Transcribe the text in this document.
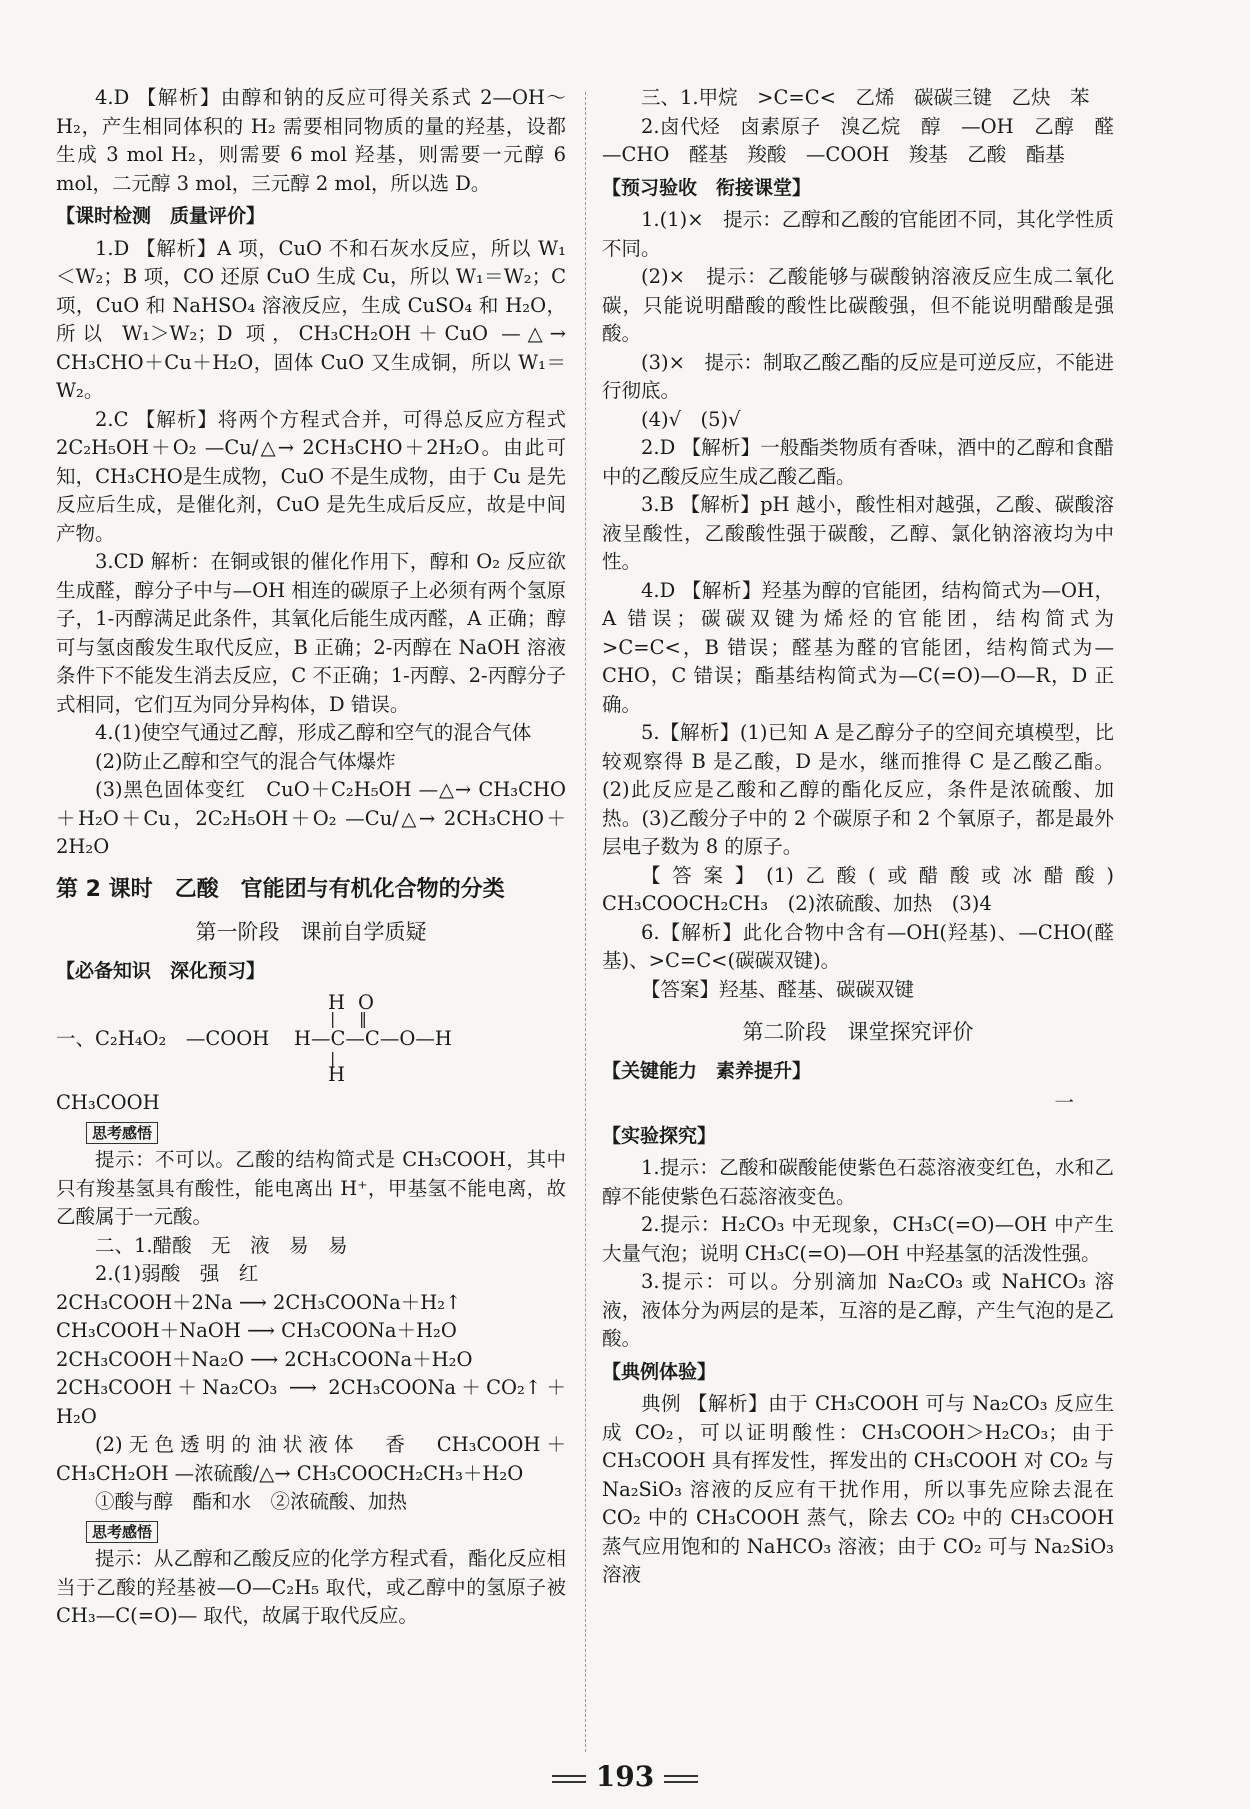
4.D 【解析】由醇和钠的反应可得关系式 2—OH～H₂，产生相同体积的 H₂ 需要相同物质的量的羟基，设都生成 3 mol H₂，则需要 6 mol 羟基，则需要一元醇 6 mol，二元醇 3 mol，三元醇 2 mol，所以选 D。

【课时检测　质量评价】

1.D 【解析】A 项，CuO 不和石灰水反应，所以 W₁＜W₂；B 项，CO 还原 CuO 生成 Cu，所以 W₁＝W₂；C 项，CuO 和 NaHSO₄ 溶液反应，生成 CuSO₄ 和 H₂O，所以 W₁＞W₂；D 项，CH₃CH₂OH＋CuO —△→ CH₃CHO＋Cu＋H₂O，固体 CuO 又生成铜，所以 W₁＝W₂。

2.C 【解析】将两个方程式合并，可得总反应方程式 2C₂H₅OH＋O₂ —Cu/△→ 2CH₃CHO＋2H₂O。由此可知，CH₃CHO是生成物，CuO 不是生成物，由于 Cu 是先反应后生成，是催化剂，CuO 是先生成后反应，故是中间产物。

3.CD 解析：在铜或银的催化作用下，醇和 O₂ 反应欲生成醛，醇分子中与—OH 相连的碳原子上必须有两个氢原子，1-丙醇满足此条件，其氧化后能生成丙醛，A 正确；醇可与氢卤酸发生取代反应，B 正确；2-丙醇在 NaOH 溶液条件下不能发生消去反应，C 不正确；1-丙醇、2-丙醇分子式相同，它们互为同分异构体，D 错误。

4.(1)使空气通过乙醇，形成乙醇和空气的混合气体

(2)防止乙醇和空气的混合气体爆炸

(3)黑色固体变红　CuO＋C₂H₅OH —△→ CH₃CHO＋H₂O＋Cu，2C₂H₅OH＋O₂ —Cu/△→ 2CH₃CHO＋2H₂O

第 2 课时　乙酸　官能团与有机化合物的分类
第一阶段　课前自学质疑
【必备知识　深化预习】
一、C₂H₄O₂　—COOH
H O
| ‖
H—C—C—O—H
|
H

CH₃COOH

思考感悟

提示：不可以。乙酸的结构简式是 CH₃COOH，其中只有羧基氢具有酸性，能电离出 H⁺，甲基氢不能电离，故乙酸属于一元酸。

二、1.醋酸　无　液　易　易

2.(1)弱酸　强　红

2CH₃COOH＋2Na ⟶ 2CH₃COONa＋H₂↑

CH₃COOH＋NaOH ⟶ CH₃COONa＋H₂O

2CH₃COOH＋Na₂O ⟶ 2CH₃COONa＋H₂O

2CH₃COOH＋Na₂CO₃ ⟶ 2CH₃COONa＋CO₂↑＋H₂O

(2)无色透明的油状液体　香　CH₃COOH＋CH₃CH₂OH —浓硫酸/△→ CH₃COOCH₂CH₃＋H₂O

①酸与醇　酯和水　②浓硫酸、加热

思考感悟

提示：从乙醇和乙酸反应的化学方程式看，酯化反应相当于乙酸的羟基被—O—C₂H₅ 取代，或乙醇中的氢原子被 CH₃—C(=O)— 取代，故属于取代反应。

三、1.甲烷　>C=C<　乙烯　碳碳三键　乙炔　苯

2.卤代烃　卤素原子　溴乙烷　醇　—OH　乙醇　醛　—CHO　醛基　羧酸　—COOH　羧基　乙酸　酯基

【预习验收　衔接课堂】

1.(1)×　提示：乙醇和乙酸的官能团不同，其化学性质不同。

(2)×　提示：乙酸能够与碳酸钠溶液反应生成二氧化碳，只能说明醋酸的酸性比碳酸强，但不能说明醋酸是强酸。

(3)×　提示：制取乙酸乙酯的反应是可逆反应，不能进行彻底。

(4)√　(5)√

2.D 【解析】一般酯类物质有香味，酒中的乙醇和食醋中的乙酸反应生成乙酸乙酯。

3.B 【解析】pH 越小，酸性相对越强，乙酸、碳酸溶液呈酸性，乙酸酸性强于碳酸，乙醇、氯化钠溶液均为中性。

4.D 【解析】羟基为醇的官能团，结构简式为—OH，A 错误；碳碳双键为烯烃的官能团，结构简式为 >C=C<，B 错误；醛基为醛的官能团，结构简式为—CHO，C 错误；酯基结构简式为—C(=O)—O—R，D 正确。

5.【解析】(1)已知 A 是乙醇分子的空间充填模型，比较观察得 B 是乙酸，D 是水，继而推得 C 是乙酸乙酯。(2)此反应是乙酸和乙醇的酯化反应，条件是浓硫酸、加热。(3)乙酸分子中的 2 个碳原子和 2 个氧原子，都是最外层电子数为 8 的原子。

【答案】(1)乙酸(或醋酸或冰醋酸)　CH₃COOCH₂CH₃　(2)浓硫酸、加热　(3)4

6.【解析】此化合物中含有—OH(羟基)、—CHO(醛基)、>C=C<(碳碳双键)。

【答案】羟基、醛基、碳碳双键

第二阶段　课堂探究评价
【关键能力　素养提升】

一

【实验探究】

1.提示：乙酸和碳酸能使紫色石蕊溶液变红色，水和乙醇不能使紫色石蕊溶液变色。

2.提示：H₂CO₃ 中无现象，CH₃C(=O)—OH 中产生大量气泡；说明 CH₃C(=O)—OH 中羟基氢的活泼性强。

3.提示：可以。分别滴加 Na₂CO₃ 或 NaHCO₃ 溶液，液体分为两层的是苯，互溶的是乙醇，产生气泡的是乙酸。

【典例体验】

典例 【解析】由于 CH₃COOH 可与 Na₂CO₃ 反应生成 CO₂，可以证明酸性：CH₃COOH＞H₂CO₃；由于 CH₃COOH 具有挥发性，挥发出的 CH₃COOH 对 CO₂ 与 Na₂SiO₃ 溶液的反应有干扰作用，所以事先应除去混在 CO₂ 中的 CH₃COOH 蒸气，除去 CO₂ 中的 CH₃COOH 蒸气应用饱和的 NaHCO₃ 溶液；由于 CO₂ 可与 Na₂SiO₃ 溶液

193
